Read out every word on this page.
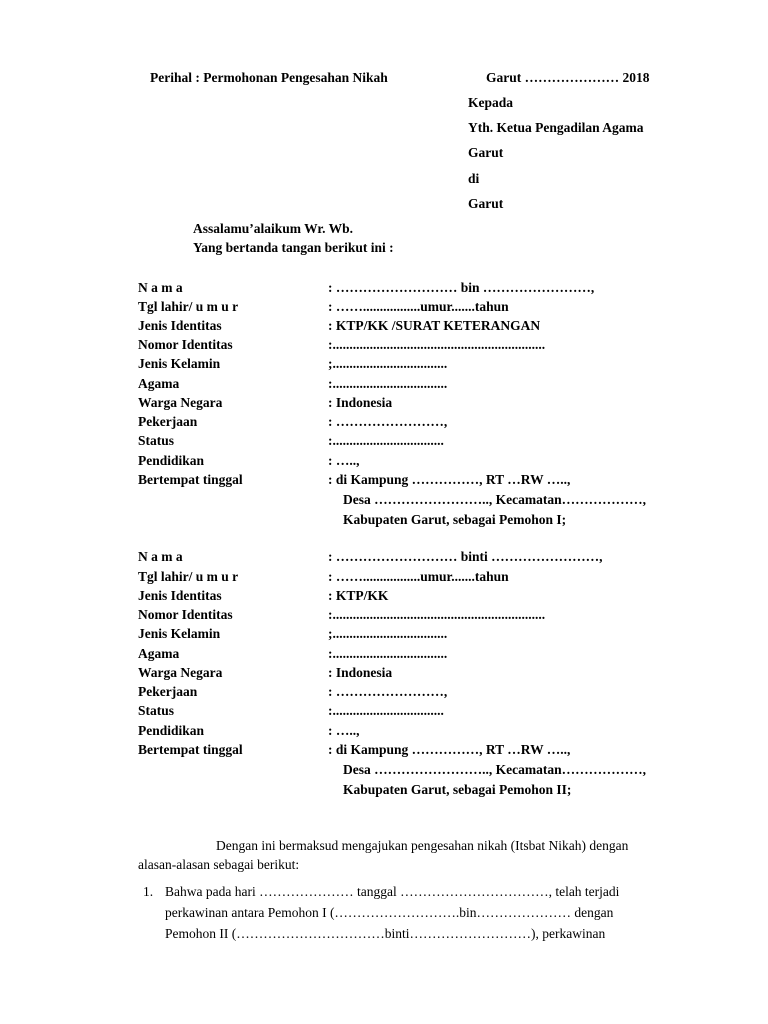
Perihal : Permohonan Pengesahan Nikah	Garut ………………… 2018
Kepada
Yth. Ketua Pengadilan Agama
Garut
di
Garut
Assalamu’alaikum Wr. Wb.
Yang bertanda tangan berikut ini :
N a m a	: ……………………… bin ……………………,
Tgl lahir/ u m u r	: …….................umur.......tahun
Jenis Identitas	: KTP/KK /SURAT KETERANGAN
Nomor Identitas	:...............................................................
Jenis Kelamin	;..................................
Agama	:..................................
Warga Negara	: Indonesia
Pekerjaan	: ……………………,
Status	:.................................
Pendidikan	: …..,
Bertempat tinggal	: di Kampung ……………, RT …RW …..,
Desa …………………….., Kecamatan………………,
Kabupaten Garut, sebagai Pemohon I;
N a m a	: ……………………… binti ……………………,
Tgl lahir/ u m u r	: …….................umur.......tahun
Jenis Identitas	: KTP/KK
Nomor Identitas	:...............................................................
Jenis Kelamin	;..................................
Agama	:..................................
Warga Negara	: Indonesia
Pekerjaan	: ……………………,
Status	:.................................
Pendidikan	: …..,
Bertempat tinggal	: di Kampung ……………, RT …RW …..,
Desa …………………….., Kecamatan………………,
Kabupaten Garut, sebagai Pemohon II;
Dengan ini bermaksud mengajukan pengesahan nikah (Itsbat Nikah) dengan
alasan-alasan sebagai berikut:
1. Bahwa pada hari ………………… tanggal ……………………………, telah terjadi
perkawinan antara Pemohon I (……………………….bin………………… dengan
Pemohon II (……………………………binti………………………), perkawinan
